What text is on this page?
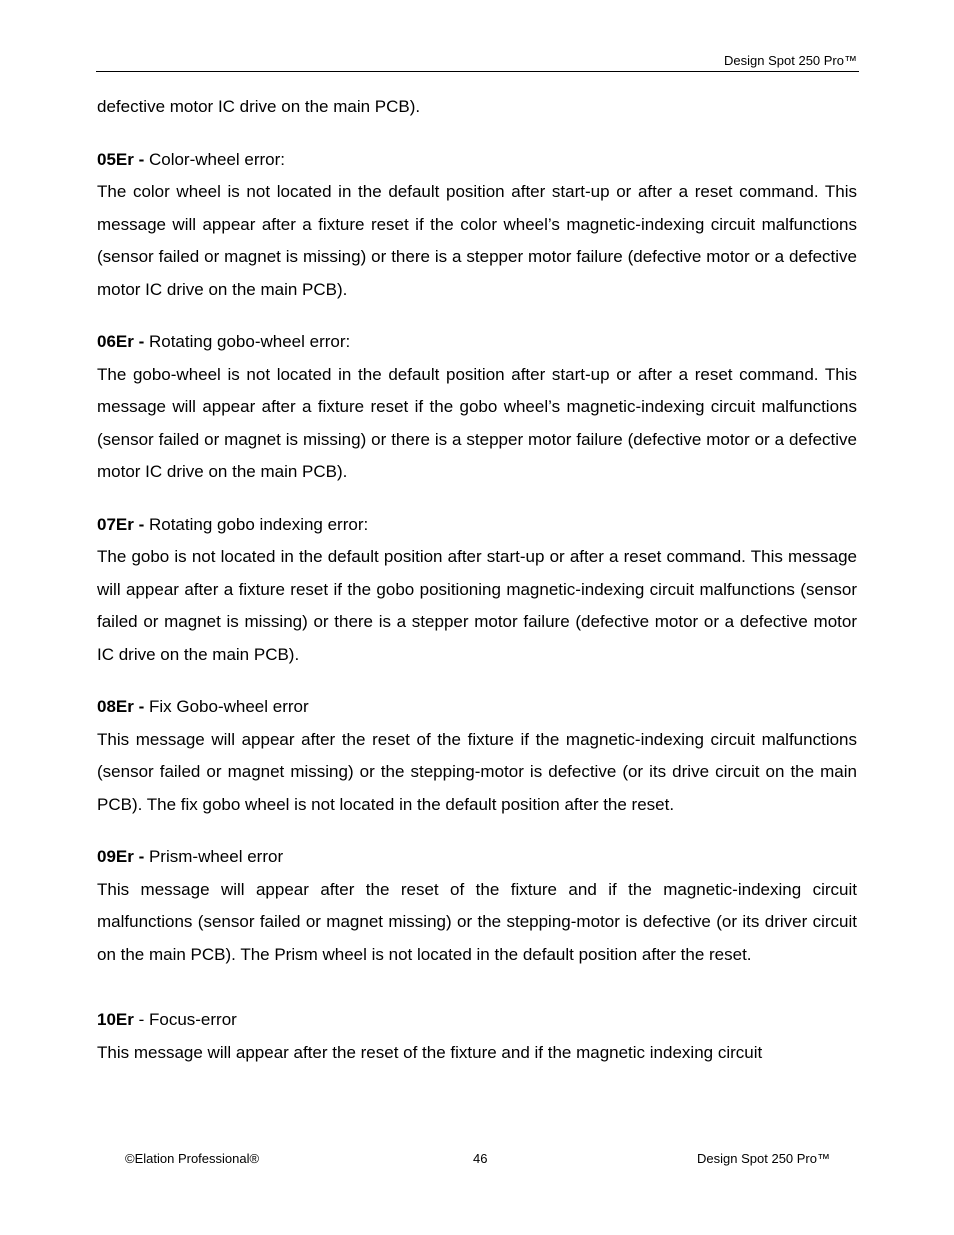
Design Spot 250 Pro™

defective motor IC drive on the main PCB).

05Er - Color-wheel error:

The color wheel is not located in the default position after start-up or after a reset command. This message will appear after a fixture reset if the color wheel’s magnetic-indexing circuit malfunctions (sensor failed or magnet is missing) or there is a stepper motor failure (defective motor or a defective motor IC drive on the main PCB).

06Er - Rotating gobo-wheel error:

The gobo-wheel is not located in the default position after start-up or after a reset command. This message will appear after a fixture reset if the gobo wheel’s magnetic-indexing circuit malfunctions (sensor failed or magnet is missing) or there is a stepper motor failure (defective motor or a defective motor IC drive on the main PCB).

07Er - Rotating gobo indexing error:

The gobo is not located in the default position after start-up or after a reset command. This message will appear after a fixture reset if the gobo positioning magnetic-indexing circuit malfunctions (sensor failed or magnet is missing) or there is a stepper motor failure (defective motor or a defective motor IC drive on the main PCB).

08Er - Fix Gobo-wheel error

This message will appear after the reset of the fixture if the magnetic-indexing circuit malfunctions (sensor failed or magnet missing) or the stepping-motor is defective (or its drive circuit on the main PCB). The fix gobo wheel is not located in the default position after the reset.

09Er - Prism-wheel error

This message will appear after the reset of the fixture and if the magnetic-indexing circuit malfunctions (sensor failed or magnet missing) or the stepping-motor is defective (or its driver circuit on the main PCB). The Prism wheel is not located in the default position after the reset.

10Er - Focus-error

This message will appear after the reset of the fixture and if the magnetic indexing circuit

©Elation Professional®	46	Design Spot 250 Pro™
